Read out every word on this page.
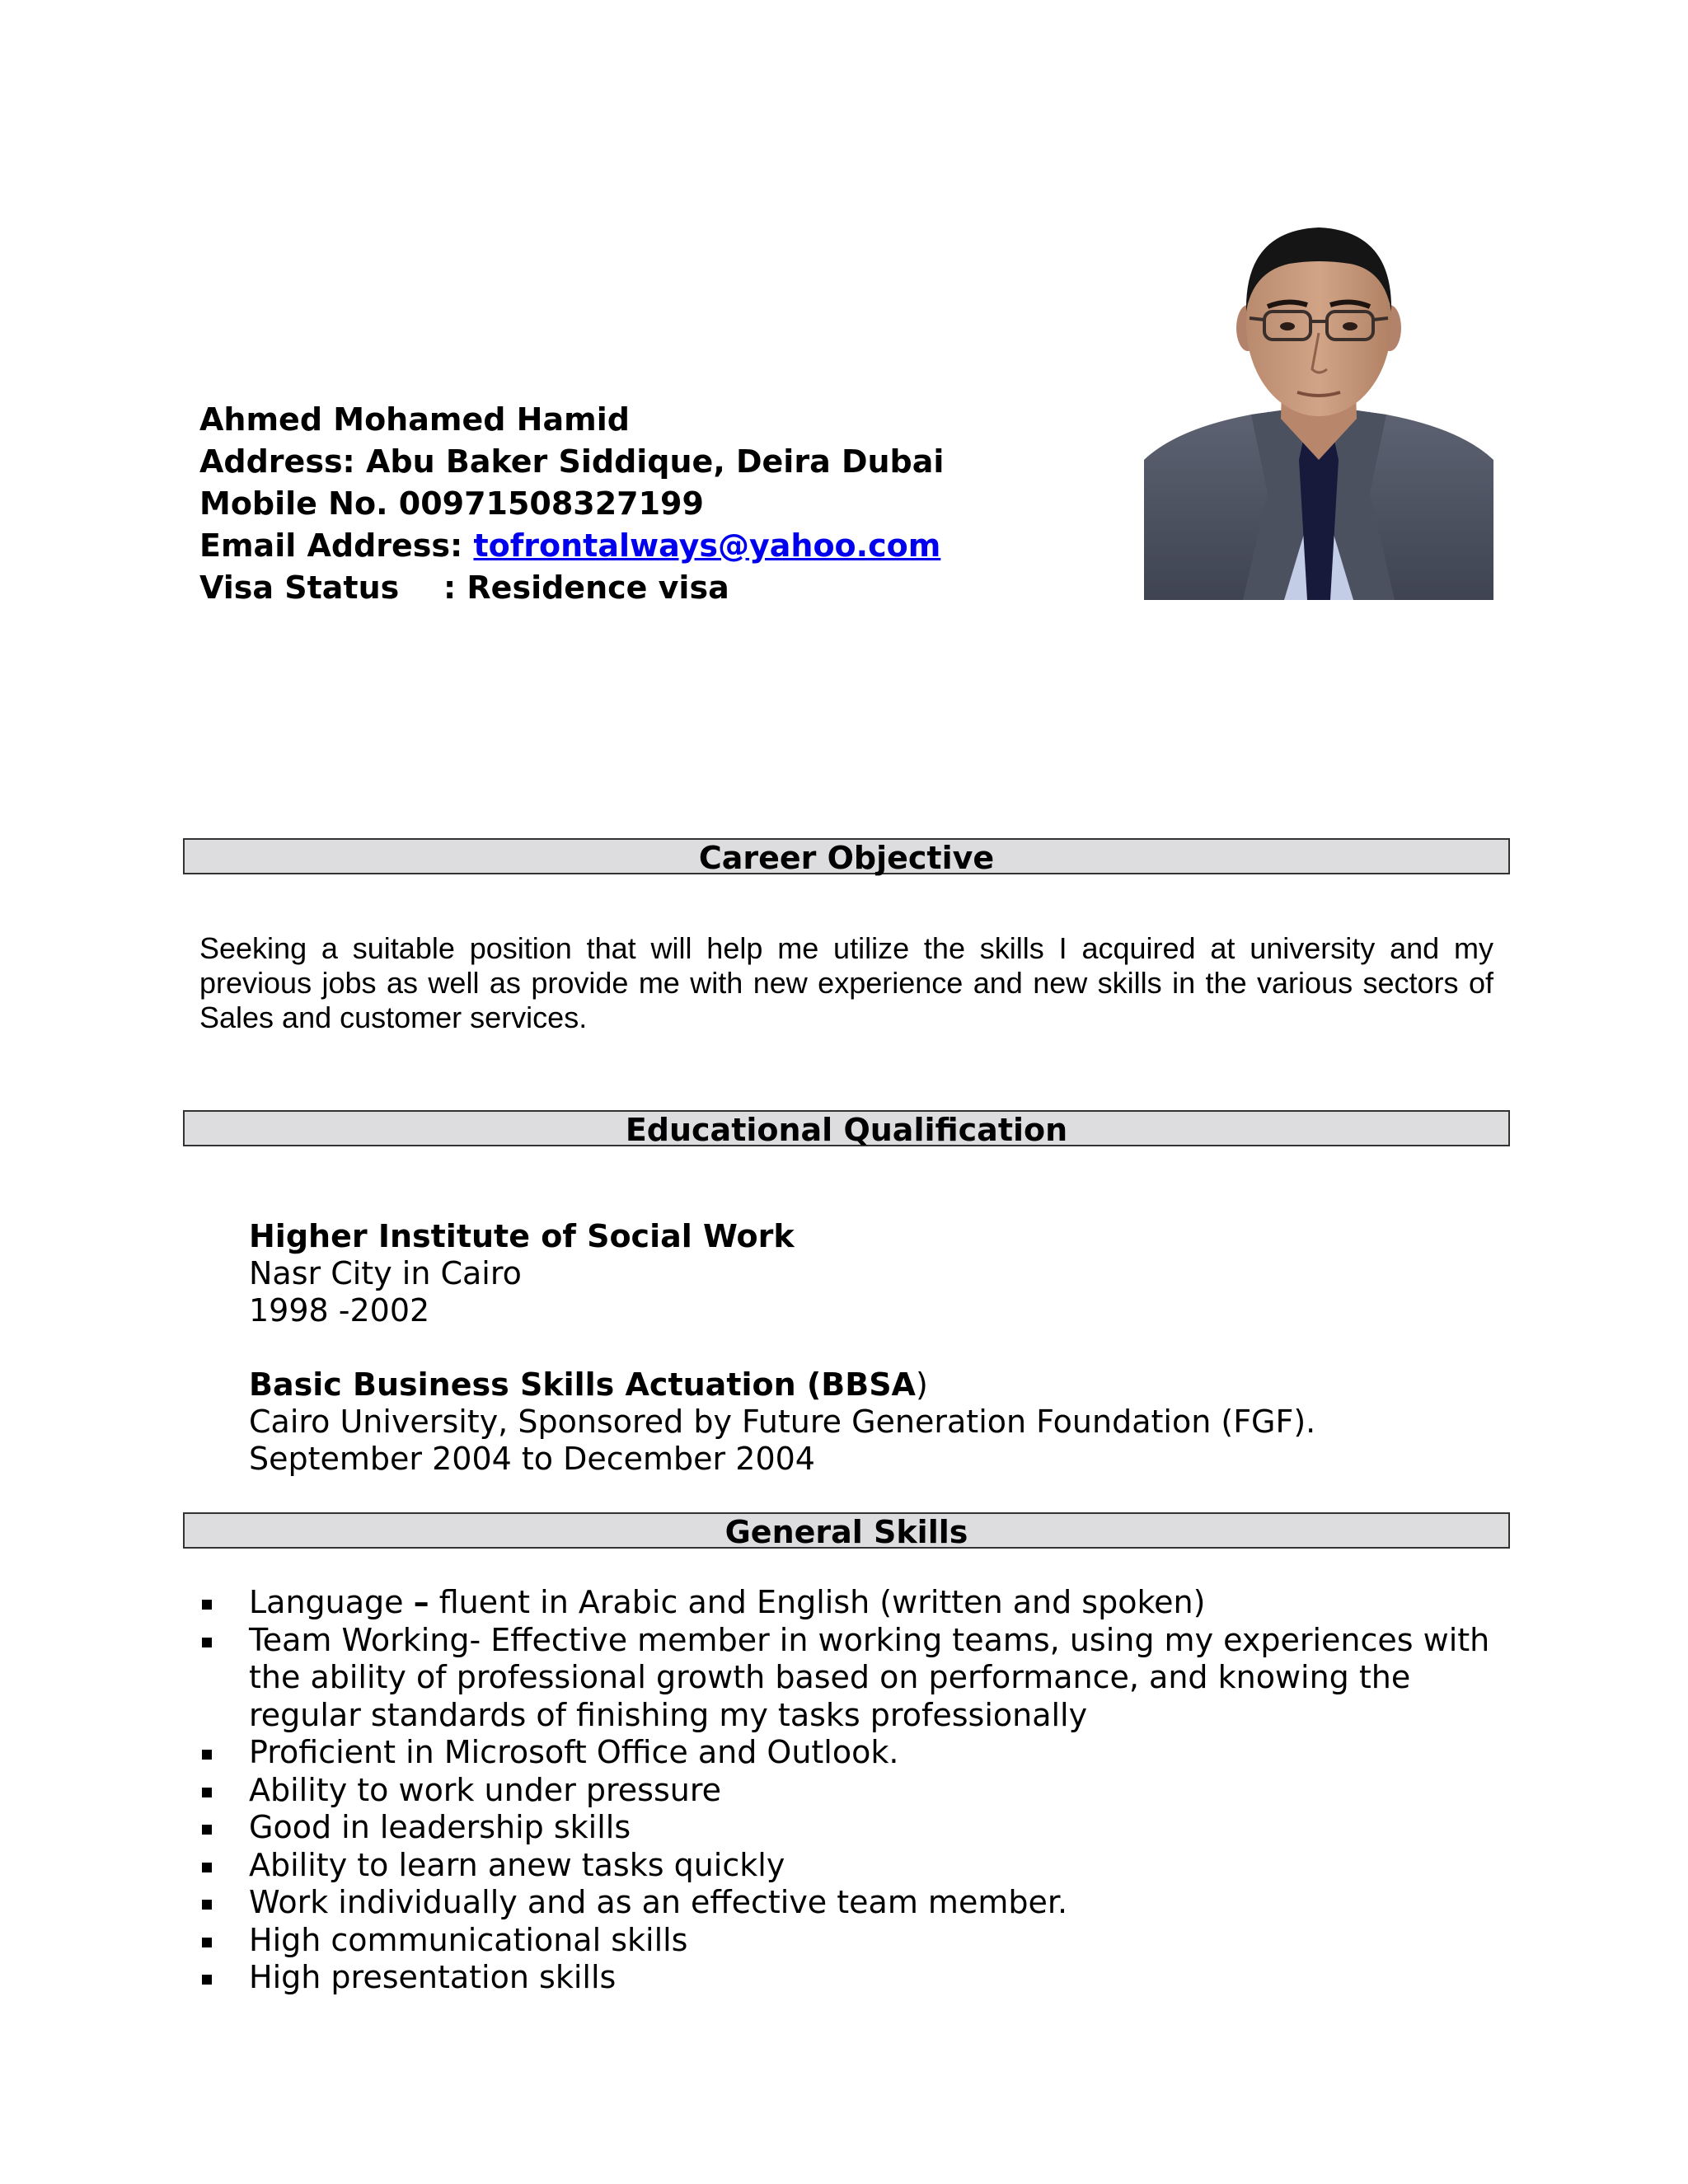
Ahmed Mohamed Hamid
Address: Abu Baker Siddique, Deira Dubai
Mobile No. 00971508327199
Email Address: tofrontalways@yahoo.com
Visa Status : Residence visa
Career Objective
Seeking a suitable position that will help me utilize the skills I acquired at university and my previous jobs as well as provide me with new experience and new skills in the various sectors of Sales and customer services.
Educational Qualification
Higher Institute of Social Work
Nasr City in Cairo
1998 -2002
Basic Business Skills Actuation (BBSA)
Cairo University, Sponsored by Future Generation Foundation (FGF).
September 2004 to December 2004
General Skills
Language – fluent in Arabic and English (written and spoken)
Team Working- Effective member in working teams, using my experiences with the ability of professional growth based on performance, and knowing the regular standards of finishing my tasks professionally
Proficient in Microsoft Office and Outlook.
Ability to work under pressure
Good in leadership skills
Ability to learn anew tasks quickly
Work individually and as an effective team member.
High communicational skills
High presentation skills
